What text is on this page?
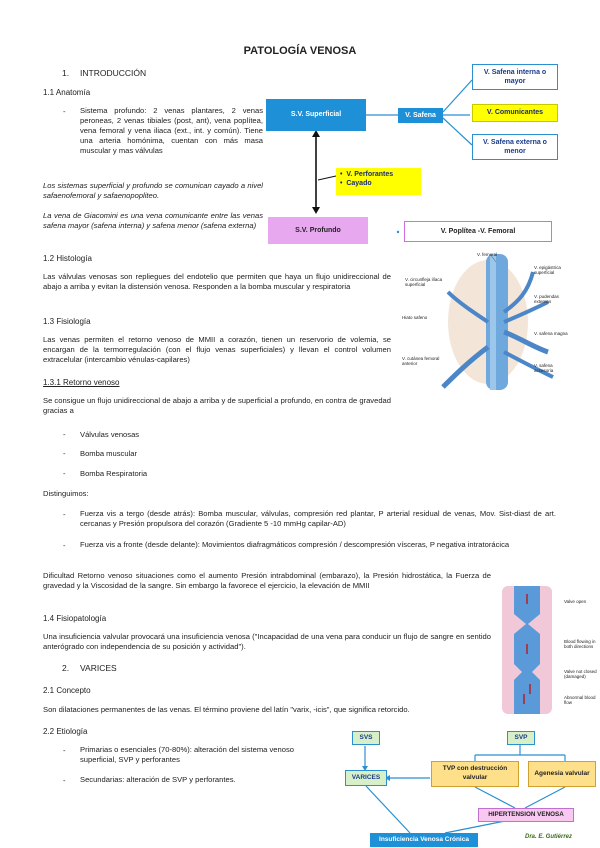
PATOLOGÍA VENOSA
1. INTRODUCCIÓN
1.1 Anatomía
- Sistema profundo: 2 venas plantares, 2 venas peroneas, 2 venas tibiales (post, ant), vena poplítea, vena femoral y vena iliaca (ext., int. y común). Tiene una arteria homónima, cuentan con más masa muscular y mas válvulas
Los sistemas superficial y profundo se comunican cayado a nivel safaenofemoral y safaenopopliteo.
La vena de Giacomini es una vena comunicante entre las venas safena mayor (safena interna) y safena menor (safena externa)
S.V. Superficial	V. Safena
V. Safena interna o mayor
V. Comunicantes
V. Safena externa o menor
•  V. Perforantes
•  Cayado
S.V. Profundo	V. Poplítea -V. Femoral
1.2 Histología
Las válvulas venosas son repliegues del endotelio que permiten que haya un flujo unidireccional de abajo a arriba y evitan la distensión venosa. Responden a la bomba muscular y respiratoria
V. femoral
V. epigástrica superficial
V. circunfleja ilíaca superficial
V. pudendas externas
Hiato safeno
V. safena magna
V. cutánea femoral anterior	V. safena accesoria
1.3 Fisiología
Las venas permiten el retorno venoso de MMII a corazón, tienen un reservorio de volemia, se encargan de la termorregulación (con el flujo venas superficiales) y llevan el control volumen extracelular (intercambio vénulas-capilares)
1.3.1 Retorno venoso
Se consigue un flujo unidireccional de abajo a arriba y de superficial a profundo, en contra de gravedad gracias a
- Válvulas venosas
- Bomba muscular
- Bomba Respiratoria
Distinguimos:
- Fuerza vis a tergo (desde atrás): Bomba muscular, válvulas, compresión red plantar, P arterial residual de venas, Mov. Sist-diast de art. cercanas y Presión propulsora del corazón (Gradiente 5 -10 mmHg capilar-AD)
- Fuerza vis a fronte (desde delante): Movimientos diafragmáticos compresión / descompresión vísceras, P negativa intratorácica
Dificultad Retorno venoso situaciones como el aumento Presión intrabdominal (embarazo), la Presión hidrostática, la Fuerza de gravedad y la Viscosidad de la sangre. Sin embargo la favorece el ejercicio, la elevación de MMII
Valve open
Blood flowing in both directions
Valve not closed (damaged)
Abnormal blood flow
1.4 Fisiopatología
Una insuficiencia valvular provocará una insuficiencia venosa ("Incapacidad de una vena para conducir un flujo de sangre en sentido anterógrado con independencia de su posición y actividad").
2. VARICES
2.1 Concepto
Son dilataciones permanentes de las venas. El término proviene del latín "varix, -icis", que significa retorcido.
2.2 Etiología
- Primarias o esenciales (70-80%): alteración del sistema venoso superficial, SVP y perforantes
- Secundarias: alteración de SVP y perforantes.
SVS	SVP
VARICES
TVP con destrucción valvular
Agenesia valvular
HIPERTENSION VENOSA
Insuficiencia Venosa Crónica	Dra. E. Gutiérrez
